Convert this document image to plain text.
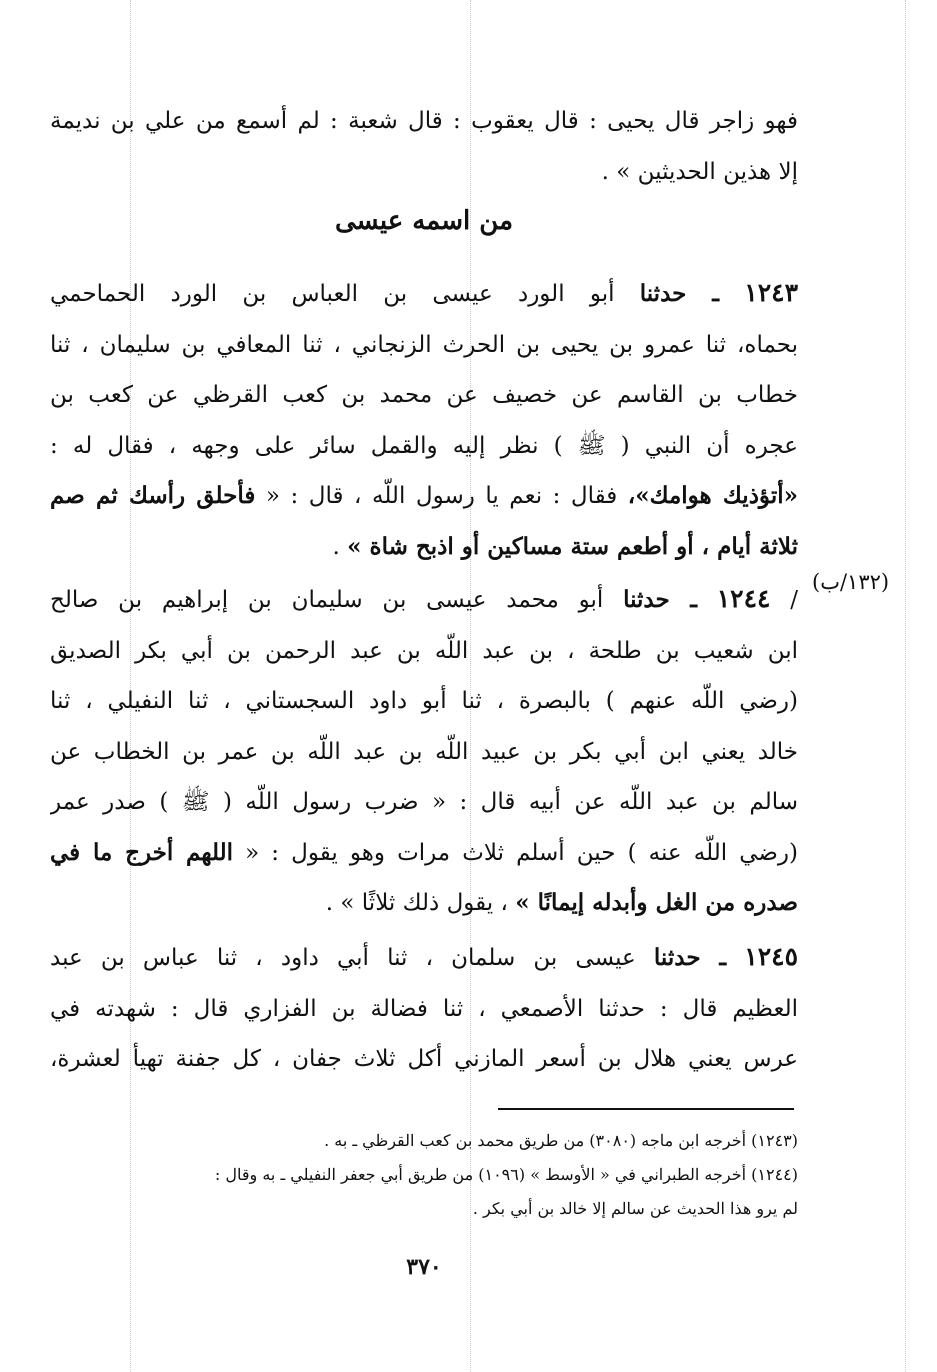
فهو زاجر قال يحيى : قال يعقوب : قال شعبة : لم أسمع من علي بن نديمة
إلا هذين الحديثين » .
من اسمه عيسى
١٢٤٣ ـ حدثنا أبو الورد عيسى بن العباس بن الورد الحماحمي
بحماه، ثنا عمرو بن يحيى بن الحرث الزنجاني ، ثنا المعافي بن سليمان ، ثنا
خطاب بن القاسم عن خصيف عن محمد بن كعب القرظي عن كعب بن
عجره أن النبي ( ﷺ ) نظر إليه والقمل سائر على وجهه ، فقال له :
«أتؤذيك هوامك»، فقال : نعم يا رسول اللّه ، قال : « فأحلق رأسك ثم صم
ثلاثة أيام ، أو أطعم ستة مساكين أو اذبح شاة » .
(١٣٢/ب)
/ ١٢٤٤ ـ حدثنا أبو محمد عيسى بن سليمان بن إبراهيم بن صالح
ابن شعيب بن طلحة ، بن عبد اللّه بن عبد الرحمن بن أبي بكر الصديق
(رضي اللّه عنهم ) بالبصرة ، ثنا أبو داود السجستاني ، ثنا النفيلي ، ثنا
خالد يعني ابن أبي بكر بن عبيد اللّه بن عبد اللّه بن عمر بن الخطاب عن
سالم بن عبد اللّه عن أبيه قال : « ضرب رسول اللّه ( ﷺ ) صدر عمر
(رضي اللّه عنه ) حين أسلم ثلاث مرات وهو يقول : « اللهم أخرج ما في
صدره من الغل وأبدله إيمانًا » ، يقول ذلك ثلاثًا » .
١٢٤٥ ـ حدثنا عيسى بن سلمان ، ثنا أبي داود ، ثنا عباس بن عبد
العظيم قال : حدثنا الأصمعي ، ثنا فضالة بن الفزاري قال : شهدته في
عرس يعني هلال بن أسعر المازني أكل ثلاث جفان ، كل جفنة تهيأ لعشرة،
(١٢٤٣) أخرجه ابن ماجه (٣٠٨٠) من طريق محمد بن كعب القرظي ـ به .
(١٢٤٤) أخرجه الطبراني في « الأوسط » (١٠٩٦) من طريق أبي جعفر النفيلي ـ به وقال :
لم يرو هذا الحديث عن سالم إلا خالد بن أبي بكر .
٣٧٠
